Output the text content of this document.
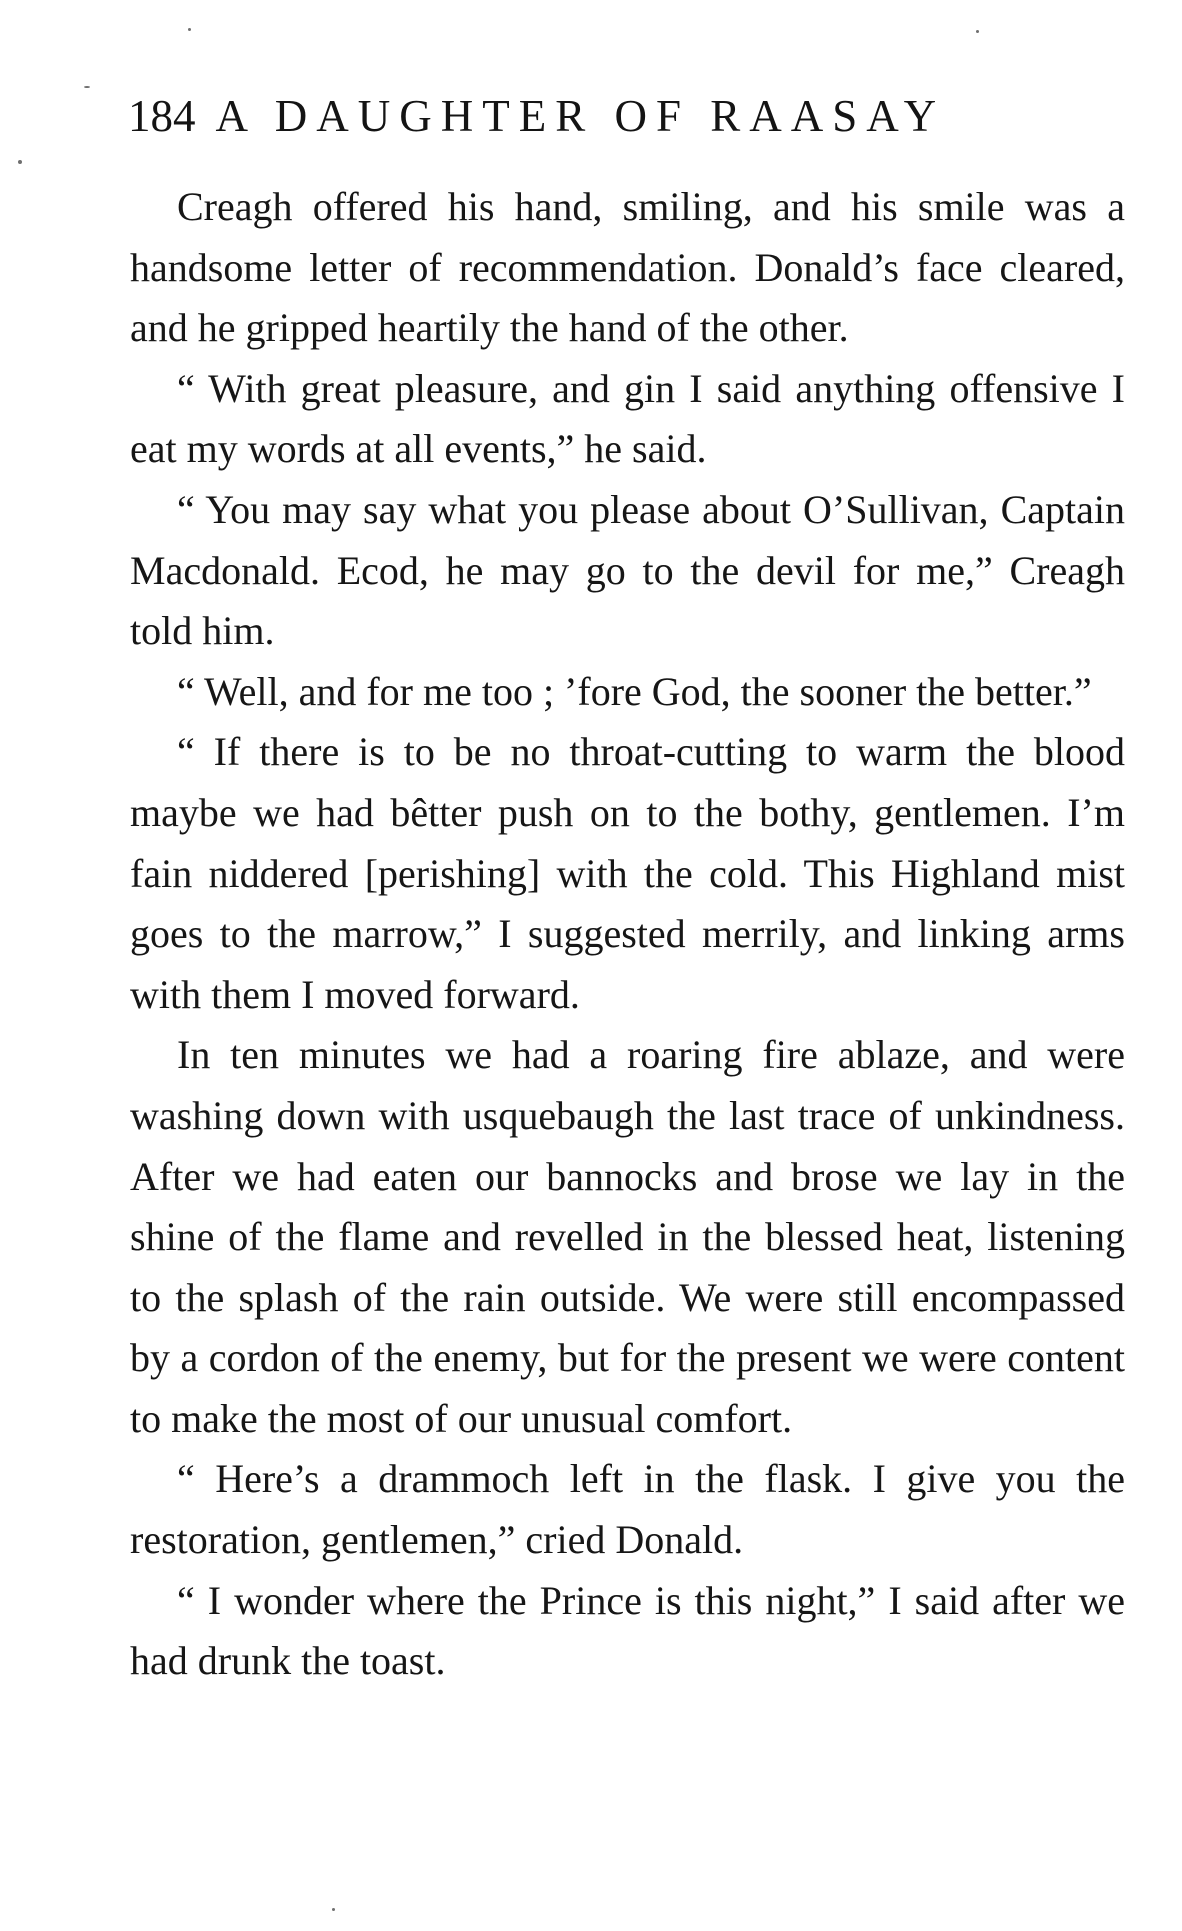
184 A DAUGHTER OF RAASAY

Creagh offered his hand, smiling, and his smile was a handsome letter of recommendation. Donald’s face cleared, and he gripped heartily the hand of the other.

“ With great pleasure, and gin I said anything offensive I eat my words at all events,” he said.

“ You may say what you please about O’Sullivan, Captain Macdonald. Ecod, he may go to the devil for me,” Creagh told him.

“ Well, and for me too ; ’fore God, the sooner the better.”

“ If there is to be no throat-cutting to warm the blood maybe we had bêtter push on to the bothy, gentlemen. I’m fain niddered [perishing] with the cold. This Highland mist goes to the marrow,” I suggested merrily, and linking arms with them I moved forward.

In ten minutes we had a roaring fire ablaze, and were washing down with usquebaugh the last trace of unkindness. After we had eaten our bannocks and brose we lay in the shine of the flame and revelled in the blessed heat, listening to the splash of the rain outside. We were still encompassed by a cordon of the enemy, but for the present we were content to make the most of our unusual comfort.

“ Here’s a drammoch left in the flask. I give you the restoration, gentlemen,” cried Donald.

“ I wonder where the Prince is this night,” I said after we had drunk the toast.
